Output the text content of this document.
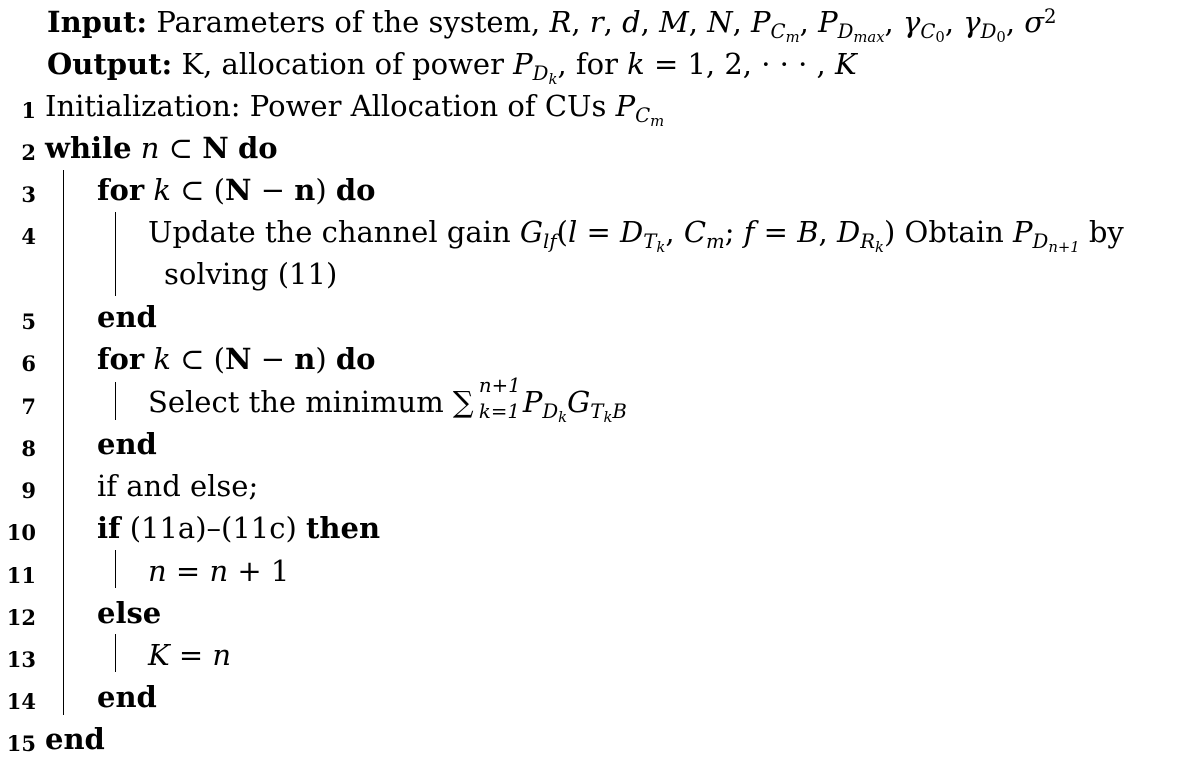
Input: Parameters of the system, R, r, d, M, N, $P_{Cm}$, $P_{Dmax}$, $\gamma_{C0}$, $\gamma_{D0}$, $\sigma^2$
Output: K, allocation of power $P_{Dk}$, for k = 1, 2, · · · , K
1 Initialization: Power Allocation of CUs $P_{Cm}$
2 while n ⊂ N do
3 for k ⊂ (N − n) do
4	Update the channel gain $G_{lf}(l = D_{Tk}$, $C_m$; f = B, $D_{Rk}$) Obtain $P_{Dn+1}$ by
solving (11)
5 end
6 for k ⊂ (N − n) do
7	Select the minimum ∑ n+1
k=1 $P_{Dk}G_{TkB}$
8 end
9 if and else;
10 if (11a)–(11c) then
11	n = n + 1
12 else
13	K = n
14 end
15 end
